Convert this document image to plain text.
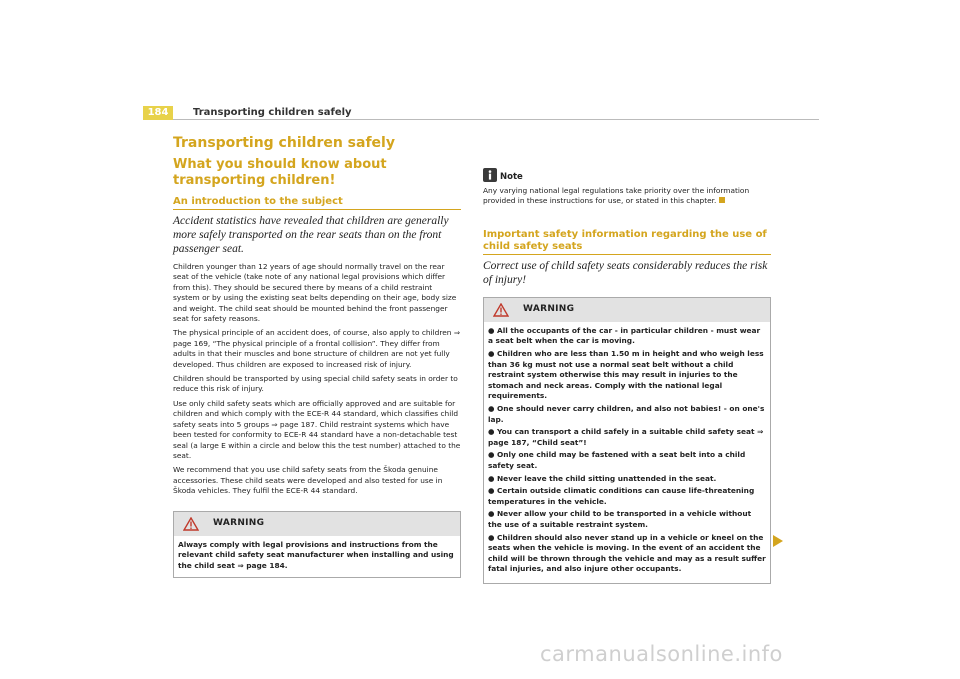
184	Transporting children safely
Transporting children safely
What you should know about transporting children!
An introduction to the subject
Accident statistics have revealed that children are generally more safely transported on the rear seats than on the front passenger seat.

Children younger than 12 years of age should normally travel on the rear seat of the vehicle (take note of any national legal provisions which differ from this). They should be secured there by means of a child restraint system or by using the existing seat belts depending on their age, body size and weight. The child seat should be mounted behind the front passenger seat for safety reasons.

The physical principle of an accident does, of course, also apply to children ⇒ page 169, “The physical principle of a frontal collision”. They differ from adults in that their muscles and bone structure of children are not yet fully developed. Thus children are exposed to increased risk of injury.

Children should be transported by using special child safety seats in order to reduce this risk of injury.

Use only child safety seats which are officially approved and are suitable for children and which comply with the ECE-R 44 standard, which classifies child safety seats into 5 groups ⇒ page 187. Child restraint systems which have been tested for conformity to ECE-R 44 standard have a non-detachable test seal (a large E within a circle and below this the test number) attached to the seat.

We recommend that you use child safety seats from the Škoda genuine accessories. These child seats were developed and also tested for use in Škoda vehicles. They fulfil the ECE-R 44 standard.

WARNING
Always comply with legal provisions and instructions from the relevant child safety seat manufacturer when installing and using the child seat ⇒ page 184.
Note

Any varying national legal regulations take priority over the information provided in these instructions for use, or stated in this chapter.

Important safety information regarding the use of child safety seats
Correct use of child safety seats considerably reduces the risk of injury!
WARNING
● All the occupants of the car - in particular children - must wear a seat belt when the car is moving.
● Children who are less than 1.50 m in height and who weigh less than 36 kg must not use a normal seat belt without a child restraint system otherwise this may result in injuries to the stomach and neck areas. Comply with the national legal requirements.
● One should never carry children, and also not babies! - on one's lap.
● You can transport a child safely in a suitable child safety seat ⇒ page 187, “Child seat”!
● Only one child may be fastened with a seat belt into a child safety seat.
● Never leave the child sitting unattended in the seat.
● Certain outside climatic conditions can cause life-threatening temperatures in the vehicle.
● Never allow your child to be transported in a vehicle without the use of a suitable restraint system.
● Children should also never stand up in a vehicle or kneel on the seats when the vehicle is moving. In the event of an accident the child will be thrown through the vehicle and may as a result suffer fatal injuries, and also injure other occupants.
carmanualsonline.info
